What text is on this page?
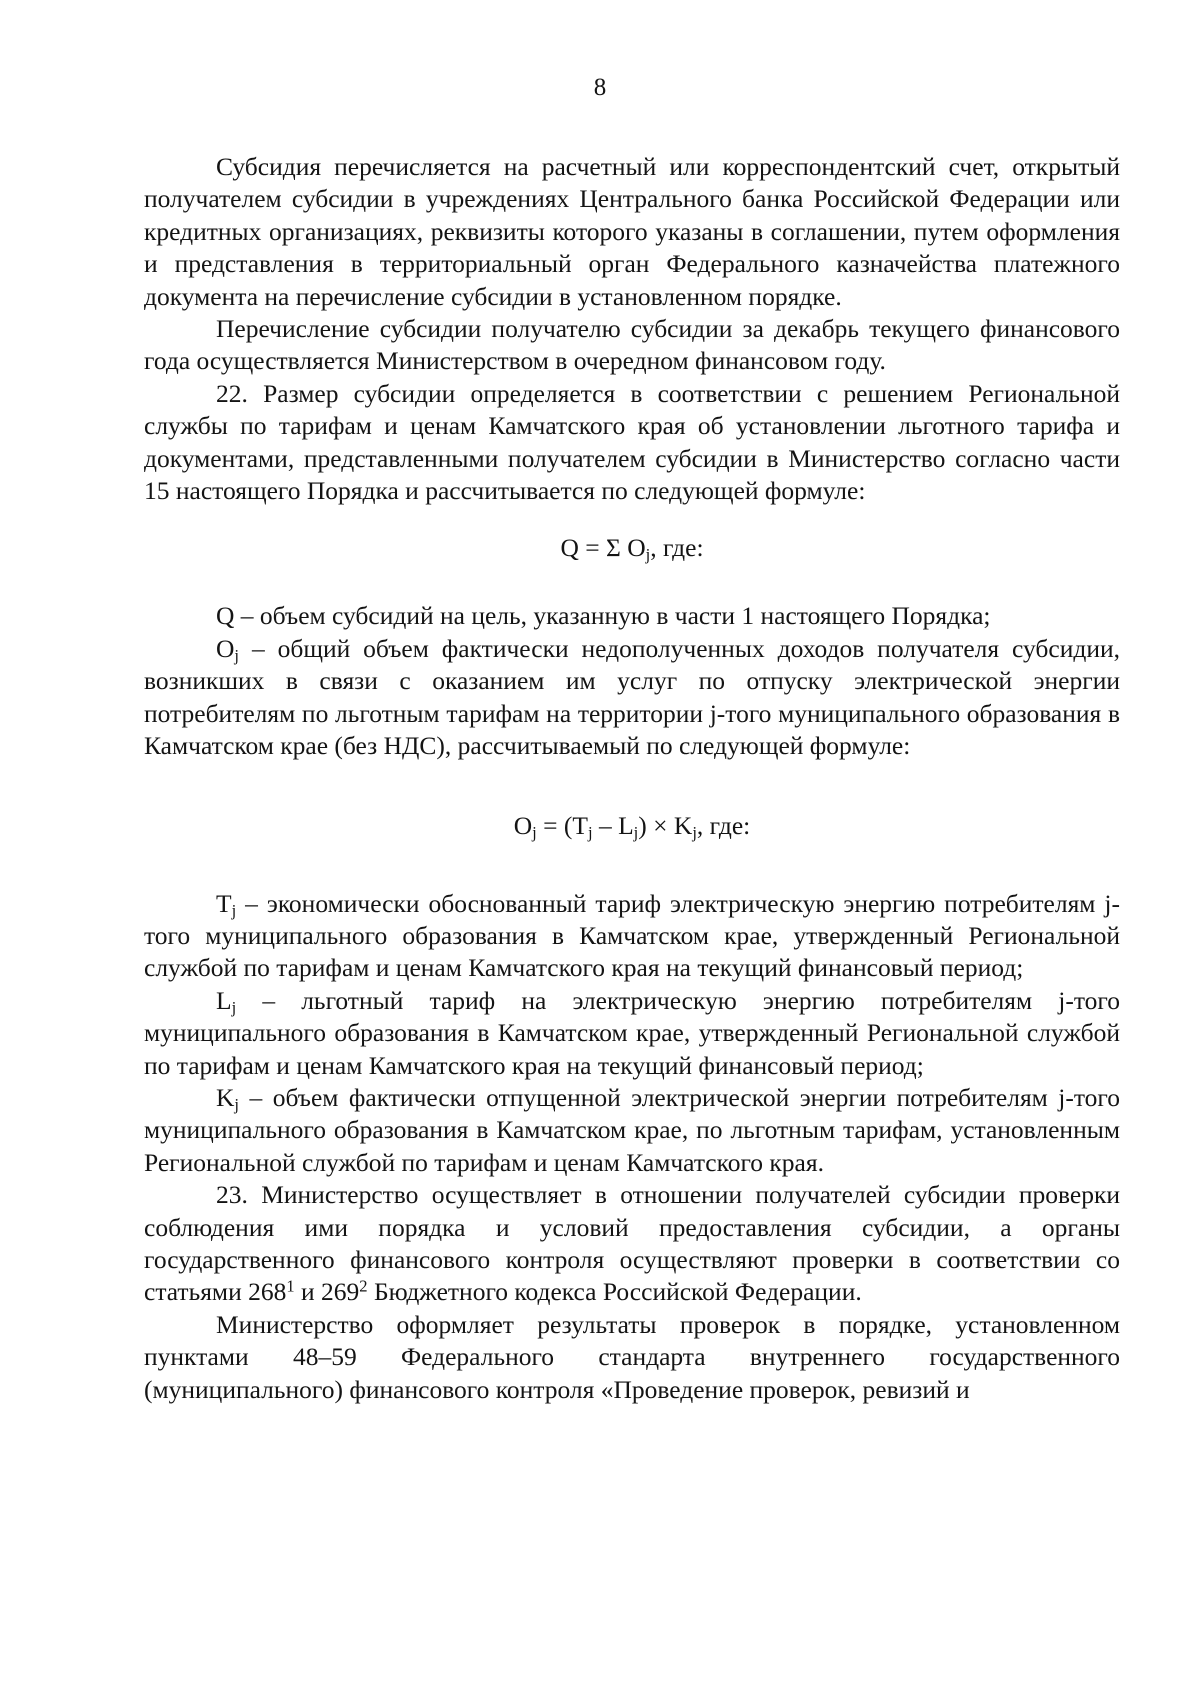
8

Субсидия перечисляется на расчетный или корреспондентский счет, открытый получателем субсидии в учреждениях Центрального банка Российской Федерации или кредитных организациях, реквизиты которого указаны в соглашении, путем оформления и представления в территориальный орган Федерального казначейства платежного документа на перечисление субсидии в установленном порядке.

Перечисление субсидии получателю субсидии за декабрь текущего финансового года осуществляется Министерством в очередном финансовом году.

22. Размер субсидии определяется в соответствии с решением Региональной службы по тарифам и ценам Камчатского края об установлении льготного тарифа и документами, представленными получателем субсидии в Министерство согласно части 15 настоящего Порядка и рассчитывается по следующей формуле:

Q = Σ $O_j$, где:

Q – объем субсидий на цель, указанную в части 1 настоящего Порядка;

$O_j$ – общий объем фактически недополученных доходов получателя субсидии, возникших в связи с оказанием им услуг по отпуску электрической энергии потребителям по льготным тарифам на территории j-того муниципального образования в Камчатском крае (без НДС), рассчитываемый по следующей формуле:

$O_j = (T_j - L_j) \times K_j$, где:

$T_j$ – экономически обоснованный тариф электрическую энергию потребителям j-того муниципального образования в Камчатском крае, утвержденный Региональной службой по тарифам и ценам Камчатского края на текущий финансовый период;

$L_j$ – льготный тариф на электрическую энергию потребителям j-того муниципального образования в Камчатском крае, утвержденный Региональной службой по тарифам и ценам Камчатского края на текущий финансовый период;

$K_j$ – объем фактически отпущенной электрической энергии потребителям j-того муниципального образования в Камчатском крае, по льготным тарифам, установленным Региональной службой по тарифам и ценам Камчатского края.

23. Министерство осуществляет в отношении получателей субсидии проверки соблюдения ими порядка и условий предоставления субсидии, а органы государственного финансового контроля осуществляют проверки в соответствии со статьями $268^1$ и $269^2$ Бюджетного кодекса Российской Федерации.

Министерство оформляет результаты проверок в порядке, установленном пунктами 48–59 Федерального стандарта внутреннего государственного (муниципального) финансового контроля «Проведение проверок, ревизий и
